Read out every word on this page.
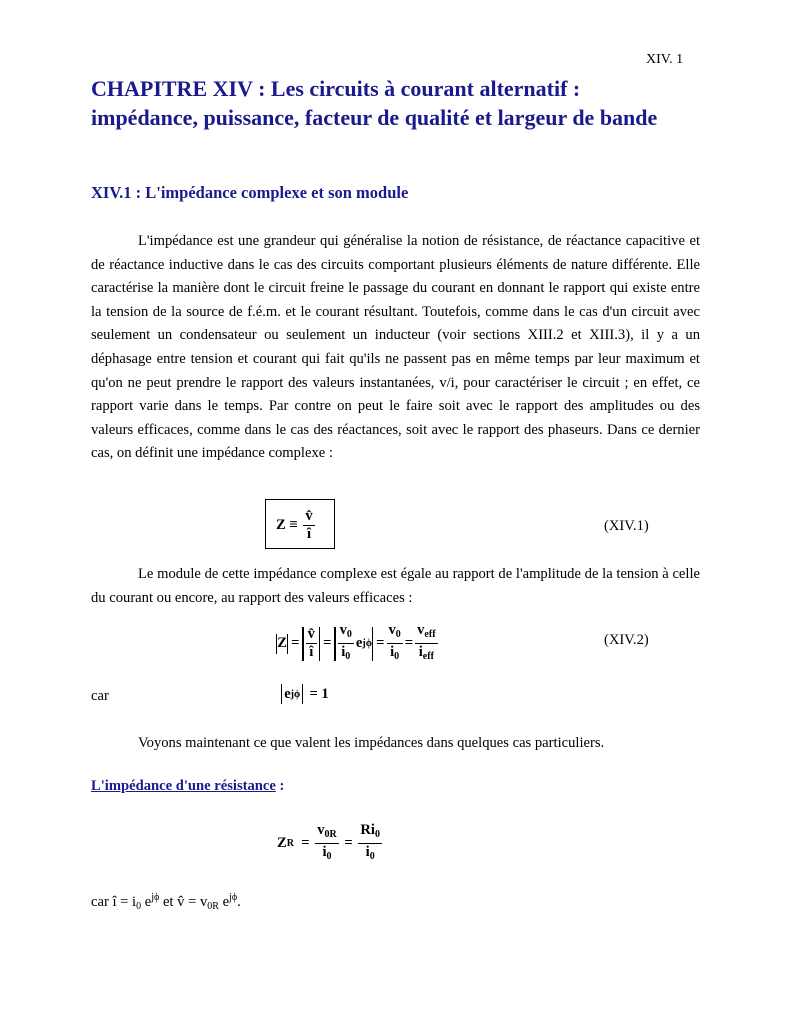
XIV. 1
CHAPITRE XIV : Les circuits à courant alternatif :
impédance, puissance, facteur de qualité et largeur de bande
XIV.1 : L'impédance complexe et son module
L'impédance est une grandeur qui généralise la notion de résistance, de réactance capacitive et de réactance inductive dans le cas des circuits comportant plusieurs éléments de nature différente. Elle caractérise la manière dont le circuit freine le passage du courant en donnant le rapport qui existe entre la tension de la source de f.é.m. et le courant résultant. Toutefois, comme dans le cas d'un circuit avec seulement un condensateur ou seulement un inducteur (voir sections XIII.2 et XIII.3), il y a un déphasage entre tension et courant qui fait qu'ils ne passent pas en même temps par leur maximum et qu'on ne peut prendre le rapport des valeurs instantanées, v/i, pour caractériser le circuit ; en effet, ce rapport varie dans le temps. Par contre on peut le faire soit avec le rapport des amplitudes ou des valeurs efficaces, comme dans le cas des réactances, soit avec le rapport des phaseurs. Dans ce dernier cas, on définit une impédance complexe :
$Z \equiv \frac{v̂}{î}$	(XIV.1)
Le module de cette impédance complexe est égale au rapport de l'amplitude de la tension à celle du courant ou encore, au rapport des valeurs efficaces :
$Z = \frac{v̂}{î} = \frac{v_0}{i_0}$ e $j\phi = \frac{v_0}{i_0} = \frac{v_{eff}}{i_{eff}}$	(XIV.2)
car	e jϕ = 1
Voyons maintenant ce que valent les impédances dans quelques cas particuliers.
L'impédance d'une résistance :
Z $R = \frac{v_{0R}}{i_0} = \frac{Ri_0}{i_0}$
car î = $i_0$ $e^{j\phi}$ et v̂ = $v_{0R}$ $e^{j\phi}$.
